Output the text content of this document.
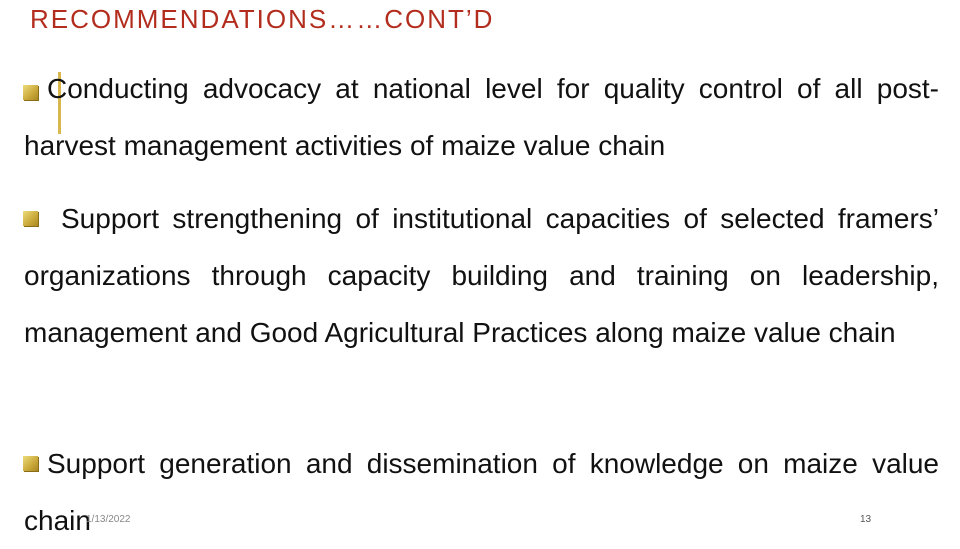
RECOMMENDATIONS……CONT’D
Conducting advocacy at national level for quality control of all post-harvest management activities of maize value chain
Support strengthening of institutional capacities of selected framers’ organizations through capacity building and training on leadership, management and Good Agricultural Practices along maize value chain
Support generation and dissemination of knowledge on maize value chain
1/13/2022	13
